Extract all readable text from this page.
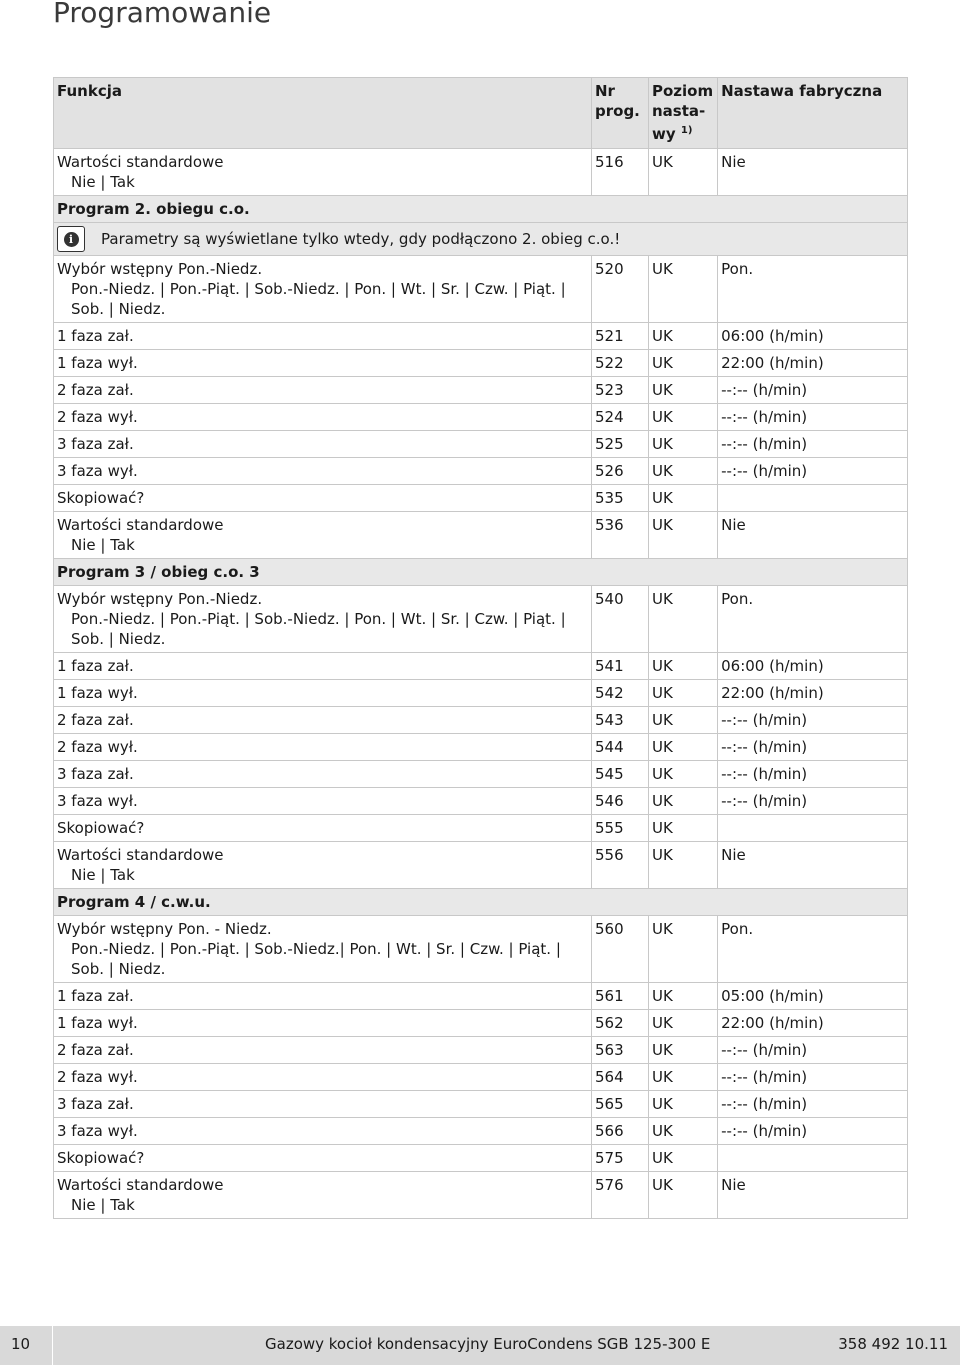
Programowanie
Funkcja	Nr prog.	Poziom nasta-wy $^{1)}$	Nastawa fabryczna
Wartości standardowe
Nie | Tak	516	UK	Nie
Program 2. obiegu c.o.			

i Parametry są wyświetlane tylko wtedy, gdy podłączono 2. obieg c.o.!			

Wybór wstępny Pon.-Niedz.
Pon.-Niedz. | Pon.-Piąt. | Sob.-Niedz. | Pon. | Wt. | Sr. | Czw. | Piąt. | Sob. | Niedz.	520	UK	Pon.
1 faza zał.	521	UK	06:00 (h/min)
1 faza wył.	522	UK	22:00 (h/min)
2 faza zał.	523	UK	--:-- (h/min)
2 faza wył.	524	UK	--:-- (h/min)
3 faza zał.	525	UK	--:-- (h/min)
3 faza wył.	526	UK	--:-- (h/min)
Skopiować?	535	UK	
Wartości standardowe
Nie | Tak	536	UK	Nie
Program 3 / obieg c.o. 3			
Wybór wstępny Pon.-Niedz.
Pon.-Niedz. | Pon.-Piąt. | Sob.-Niedz. | Pon. | Wt. | Sr. | Czw. | Piąt. | Sob. | Niedz.	540	UK	Pon.
1 faza zał.	541	UK	06:00 (h/min)
1 faza wył.	542	UK	22:00 (h/min)
2 faza zał.	543	UK	--:-- (h/min)
2 faza wył.	544	UK	--:-- (h/min)
3 faza zał.	545	UK	--:-- (h/min)
3 faza wył.	546	UK	--:-- (h/min)
Skopiować?	555	UK	
Wartości standardowe
Nie | Tak	556	UK	Nie
Program 4 / c.w.u.			
Wybór wstępny Pon. - Niedz.
Pon.-Niedz. | Pon.-Piąt. | Sob.-Niedz.| Pon. | Wt. | Sr. | Czw. | Piąt. | Sob. | Niedz.	560	UK	Pon.
1 faza zał.	561	UK	05:00 (h/min)
1 faza wył.	562	UK	22:00 (h/min)
2 faza zał.	563	UK	--:-- (h/min)
2 faza wył.	564	UK	--:-- (h/min)
3 faza zał.	565	UK	--:-- (h/min)
3 faza wył.	566	UK	--:-- (h/min)
Skopiować?	575	UK	
Wartości standardowe
Nie | Tak	576	UK	Nie
10	Gazowy kocioł kondensacyjny EuroCondens SGB 125-300 E	358 492 10.11
